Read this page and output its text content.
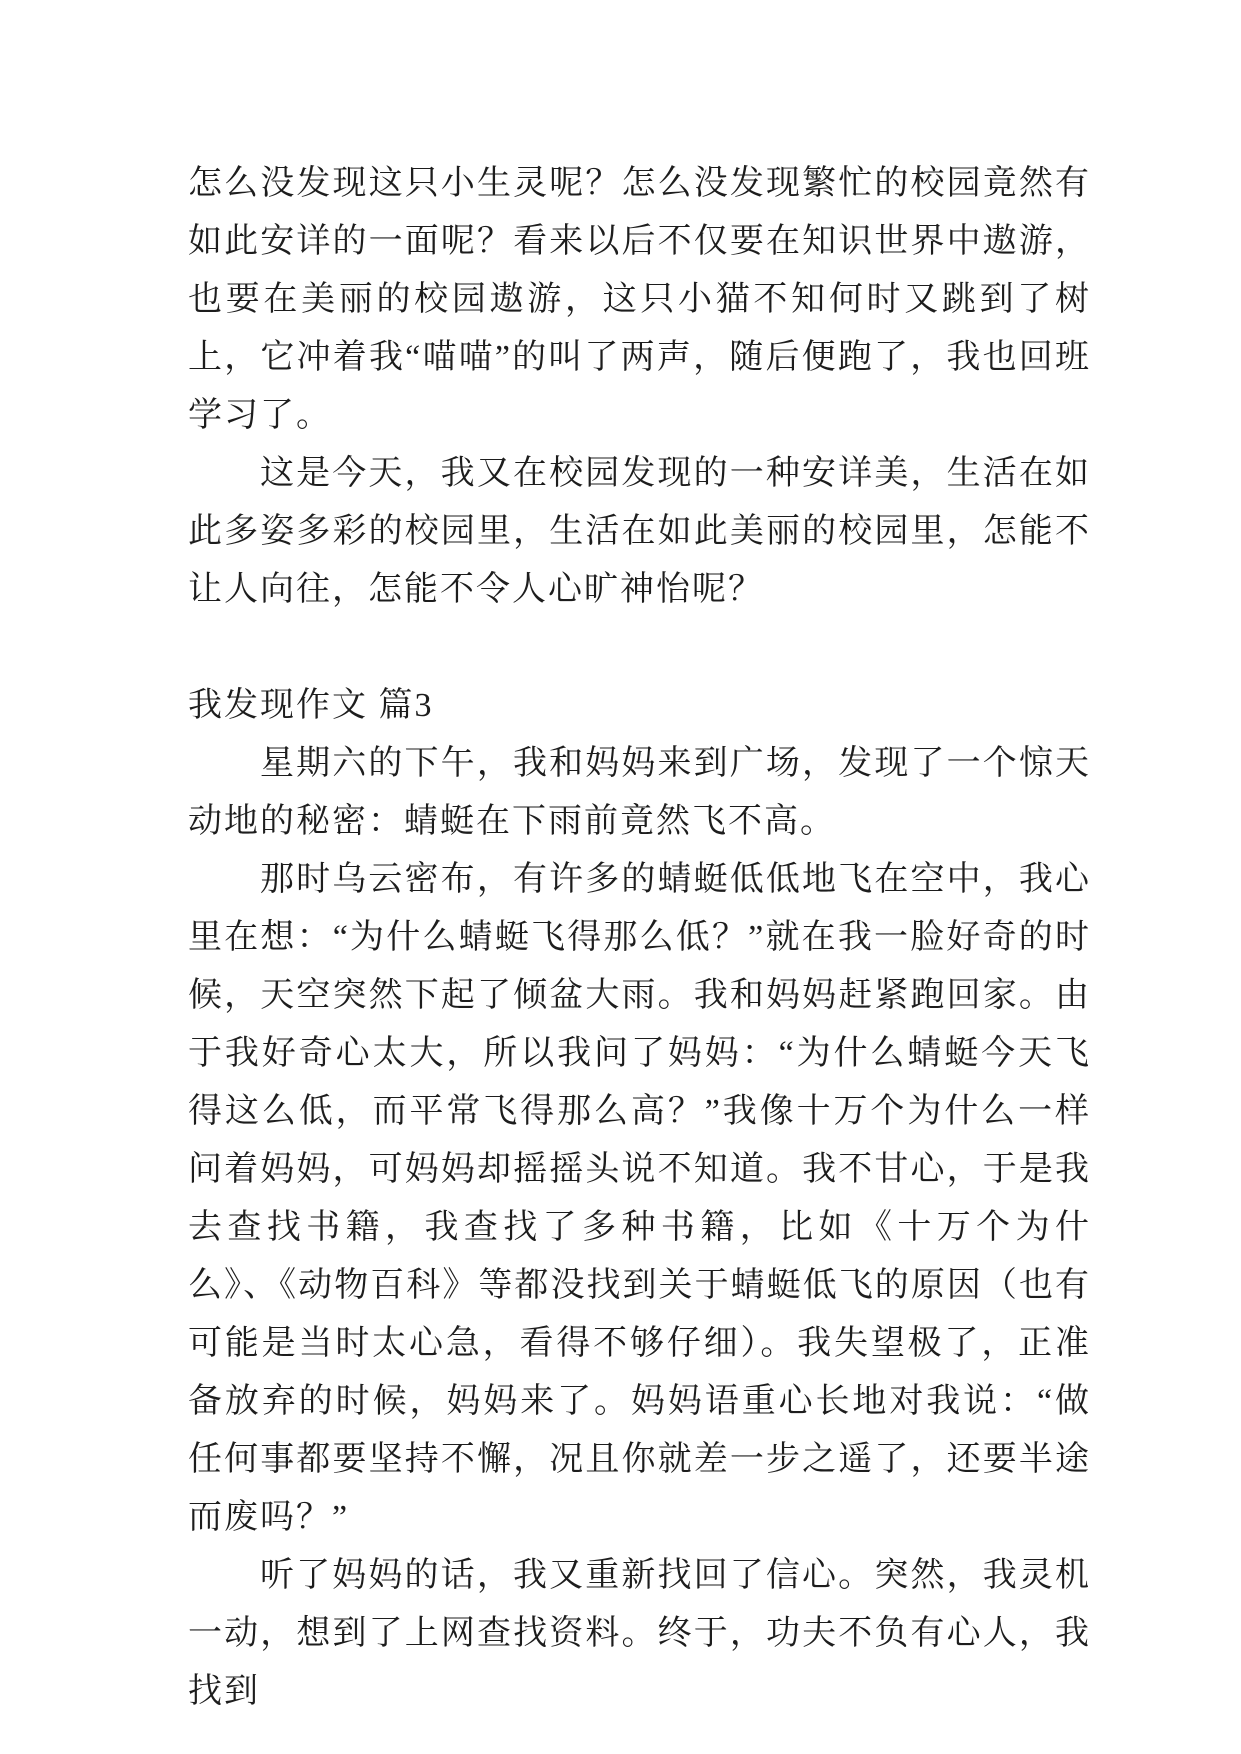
怎么没发现这只小生灵呢？怎么没发现繁忙的校园竟然有如此安详的一面呢？看来以后不仅要在知识世界中遨游，也要在美丽的校园遨游，这只小猫不知何时又跳到了树上，它冲着我“喵喵”的叫了两声，随后便跑了，我也回班学习了。

这是今天，我又在校园发现的一种安详美，生活在如此多姿多彩的校园里，生活在如此美丽的校园里，怎能不让人向往，怎能不令人心旷神怡呢？

我发现作文 篇3

星期六的下午，我和妈妈来到广场，发现了一个惊天动地的秘密：蜻蜓在下雨前竟然飞不高。

那时乌云密布，有许多的蜻蜓低低地飞在空中，我心里在想：“为什么蜻蜓飞得那么低？”就在我一脸好奇的时候，天空突然下起了倾盆大雨。我和妈妈赶紧跑回家。由于我好奇心太大，所以我问了妈妈：“为什么蜻蜓今天飞得这么低，而平常飞得那么高？”我像十万个为什么一样问着妈妈，可妈妈却摇摇头说不知道。我不甘心，于是我去查找书籍，我查找了多种书籍，比如《十万个为什么》、《动物百科》等都没找到关于蜻蜓低飞的原因（也有可能是当时太心急，看得不够仔细）。我失望极了，正准备放弃的时候，妈妈来了。妈妈语重心长地对我说：“做任何事都要坚持不懈，况且你就差一步之遥了，还要半途而废吗？”

听了妈妈的话，我又重新找回了信心。突然，我灵机一动，想到了上网查找资料。终于，功夫不负有心人，我找到
